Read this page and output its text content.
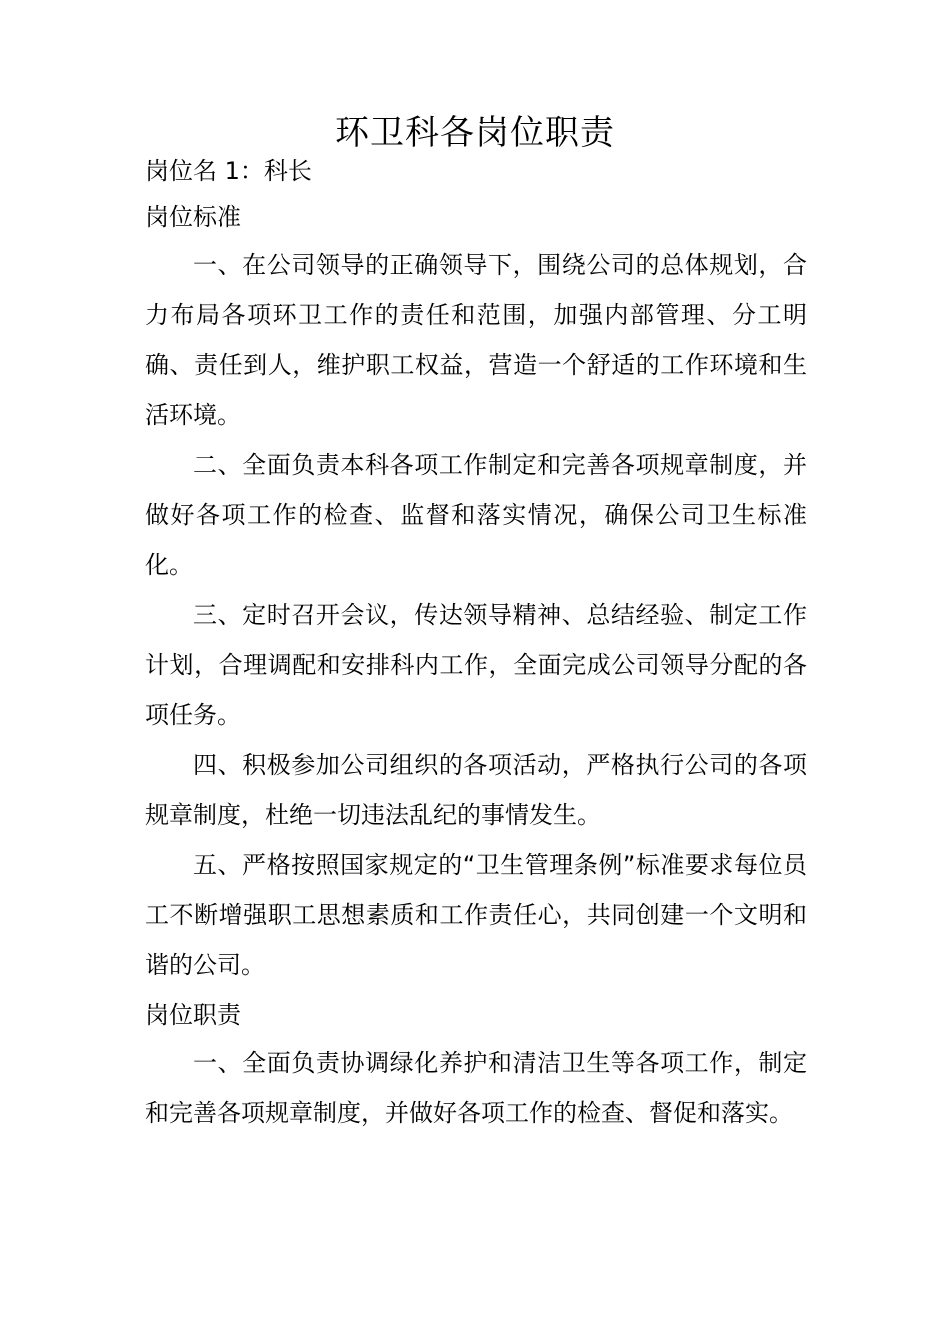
环卫科各岗位职责
岗位名 1：科长
岗位标准

一、在公司领导的正确领导下，围绕公司的总体规划，合力布局各项环卫工作的责任和范围，加强内部管理、分工明确、责任到人，维护职工权益，营造一个舒适的工作环境和生活环境。

二、全面负责本科各项工作制定和完善各项规章制度，并做好各项工作的检查、监督和落实情况，确保公司卫生标准化。

三、定时召开会议，传达领导精神、总结经验、制定工作计划，合理调配和安排科内工作，全面完成公司领导分配的各项任务。

四、积极参加公司组织的各项活动，严格执行公司的各项规章制度，杜绝一切违法乱纪的事情发生。

五、严格按照国家规定的“卫生管理条例”标准要求每位员工不断增强职工思想素质和工作责任心，共同创建一个文明和谐的公司。

岗位职责

一、全面负责协调绿化养护和清洁卫生等各项工作，制定和完善各项规章制度，并做好各项工作的检查、督促和落实。
